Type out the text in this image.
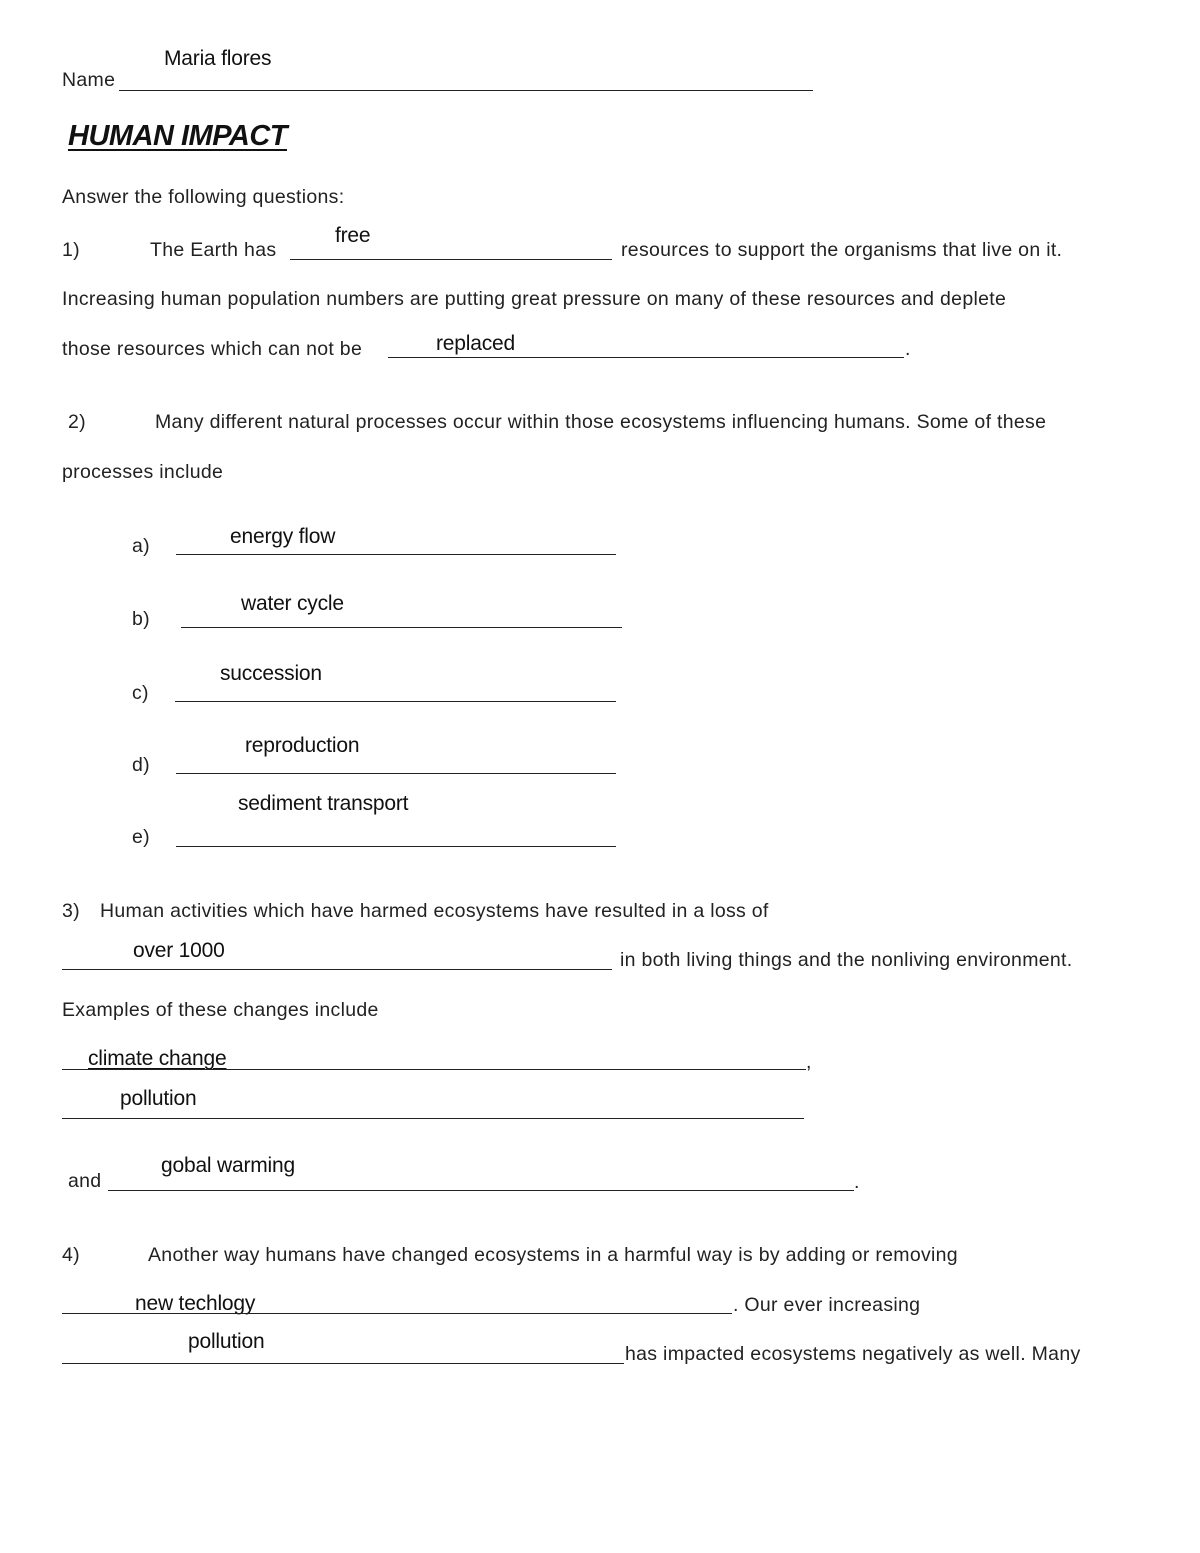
Maria flores
Name
HUMAN IMPACT
Answer the following questions:
1)	The Earth has
free
resources to support the organisms that live on it.
Increasing human population numbers are putting great pressure on many of these resources and deplete
those resources which can not be	replaced	.
2)	Many different natural processes occur within those ecosystems influencing humans. Some of these
processes include
a)	energy flow
b)
water cycle
c)
succession
d)
reproduction
e)
sediment transport
3) Human activities which have harmed ecosystems have resulted in a loss of
over 1000	in both living things and the nonliving environment.
Examples of these changes include
climate change	,
pollution
and
gobal warming
.
4)	Another way humans have changed ecosystems in a harmful way is by adding or removing
new techlogy	. Our ever increasing
pollution
has impacted ecosystems negatively as well. Many
